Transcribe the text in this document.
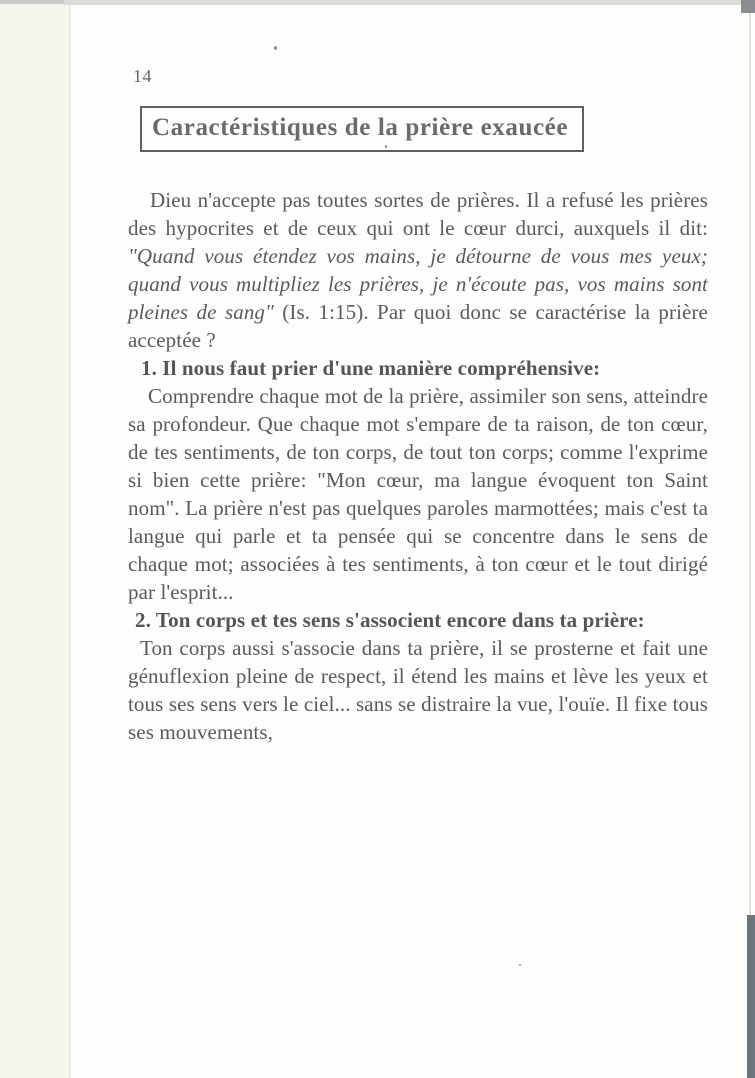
14
Caractéristiques de la prière exaucée

Dieu n'accepte pas toutes sortes de prières. Il a refusé les prières des hypocrites et de ceux qui ont le cœur durci, auxquels il dit: "Quand vous étendez vos mains, je détourne de vous mes yeux; quand vous multipliez les prières, je n'écoute pas, vos mains sont pleines de sang" (Is. 1:15). Par quoi donc se caractérise la prière acceptée ?

1. Il nous faut prier d'une manière compréhensive:

Comprendre chaque mot de la prière, assimiler son sens, atteindre sa profondeur. Que chaque mot s'empare de ta raison, de ton cœur, de tes sentiments, de ton corps, de tout ton corps; comme l'exprime si bien cette prière: "Mon cœur, ma langue évoquent ton Saint nom". La prière n'est pas quelques paroles marmottées; mais c'est ta langue qui parle et ta pensée qui se concentre dans le sens de chaque mot; associées à tes sentiments, à ton cœur et le tout dirigé par l'esprit...

2. Ton corps et tes sens s'associent encore dans ta prière:

Ton corps aussi s'associe dans ta prière, il se prosterne et fait une génuflexion pleine de respect, il étend les mains et lève les yeux et tous ses sens vers le ciel... sans se distraire la vue, l'ouïe. Il fixe tous ses mouvements,
